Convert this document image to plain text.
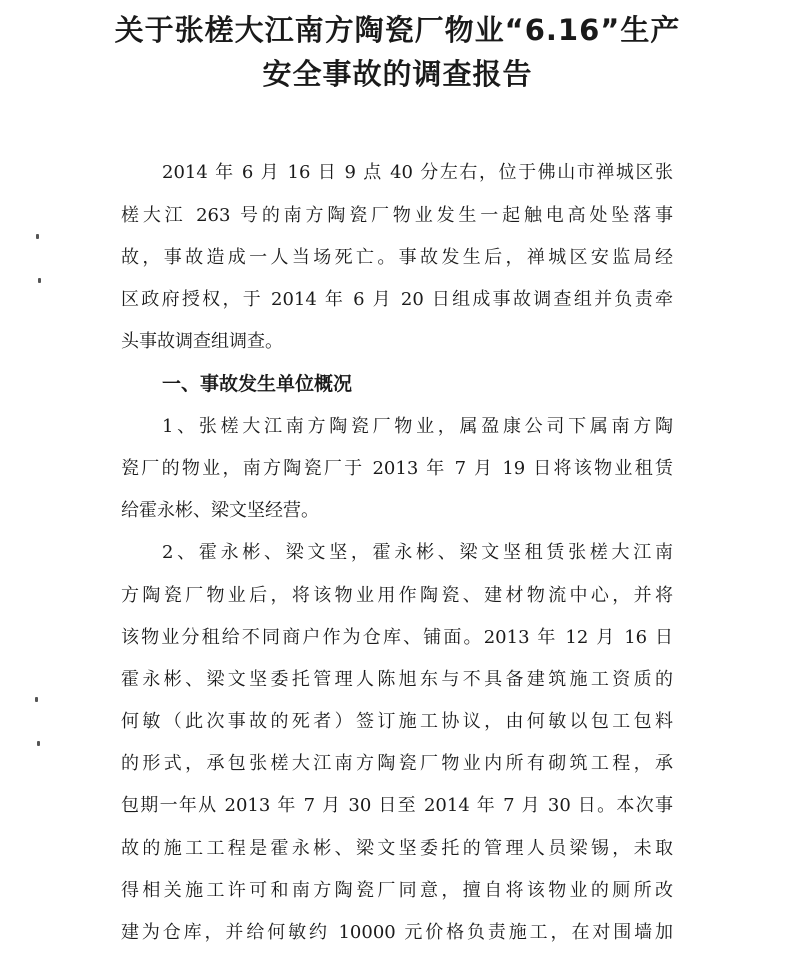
关于张槎大江南方陶瓷厂物业“6.16”生产
安全事故的调查报告
2014 年 6 月 16 日 9 点 40 分左右，位于佛山市禅城区张
槎大江 263 号的南方陶瓷厂物业发生一起触电高处坠落事
故，事故造成一人当场死亡。事故发生后，禅城区安监局经
区政府授权，于 2014 年 6 月 20 日组成事故调查组并负责牵
头事故调查组调查。
一、事故发生单位概况
1、张槎大江南方陶瓷厂物业，属盈康公司下属南方陶
瓷厂的物业，南方陶瓷厂于 2013 年 7 月 19 日将该物业租赁
给霍永彬、梁文坚经营。
2、霍永彬、梁文坚，霍永彬、梁文坚租赁张槎大江南
方陶瓷厂物业后，将该物业用作陶瓷、建材物流中心，并将
该物业分租给不同商户作为仓库、铺面。2013 年 12 月 16 日
霍永彬、梁文坚委托管理人陈旭东与不具备建筑施工资质的
何敏（此次事故的死者）签订施工协议，由何敏以包工包料
的形式，承包张槎大江南方陶瓷厂物业内所有砌筑工程，承
包期一年从 2013 年 7 月 30 日至 2014 年 7 月 30 日。本次事
故的施工工程是霍永彬、梁文坚委托的管理人员梁锡，未取
得相关施工许可和南方陶瓷厂同意，擅自将该物业的厕所改
建为仓库，并给何敏约 10000 元价格负责施工，在对围墙加
